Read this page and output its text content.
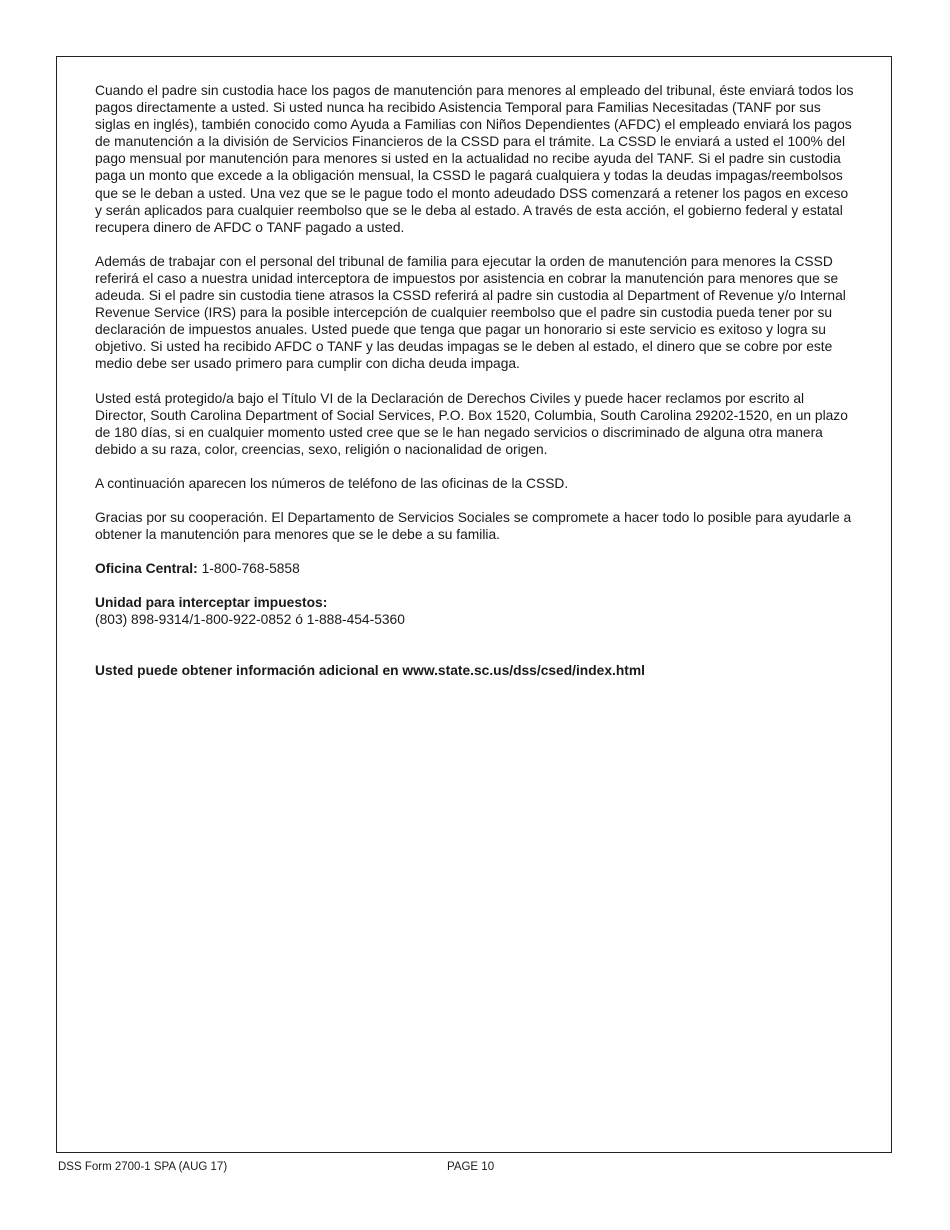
Cuando el padre sin custodia hace los pagos de manutención para menores al empleado del tribunal, éste enviará todos los pagos directamente a usted. Si usted nunca ha recibido Asistencia Temporal para Familias Necesitadas (TANF por sus siglas en inglés), también conocido como Ayuda a Familias con Niños Dependientes (AFDC) el empleado enviará los pagos de manutención a la división de Servicios Financieros de la CSSD para el trámite. La CSSD le enviará a usted el 100% del pago mensual por manutención para menores si usted en la actualidad no recibe ayuda del TANF. Si el padre sin custodia paga un monto que excede a la obligación mensual, la CSSD le pagará cualquiera y todas la deudas impagas/reembolsos que se le deban a usted. Una vez que se le pague todo el monto adeudado DSS comenzará a retener los pagos en exceso y serán aplicados para cualquier reembolso que se le deba al estado. A través de esta acción, el gobierno federal y estatal recupera dinero de AFDC o TANF pagado a usted.

Además de trabajar con el personal del tribunal de familia para ejecutar la orden de manutención para menores la CSSD referirá el caso a nuestra unidad interceptora de impuestos por asistencia en cobrar la manutención para menores que se adeuda. Si el padre sin custodia tiene atrasos la CSSD referirá al padre sin custodia al Department of Revenue y/o Internal Revenue Service (IRS) para la posible intercepción de cualquier reembolso que el padre sin custodia pueda tener por su declaración de impuestos anuales. Usted puede que tenga que pagar un honorario si este servicio es exitoso y logra su objetivo. Si usted ha recibido AFDC o TANF y las deudas impagas se le deben al estado, el dinero que se cobre por este medio debe ser usado primero para cumplir con dicha deuda impaga.

Usted está protegido/a bajo el Título VI de la Declaración de Derechos Civiles y puede hacer reclamos por escrito al Director, South Carolina Department of Social Services, P.O. Box 1520, Columbia, South Carolina 29202-1520, en un plazo de 180 días, si en cualquier momento usted cree que se le han negado servicios o discriminado de alguna otra manera debido a su raza, color, creencias, sexo, religión o nacionalidad de origen.

A continuación aparecen los números de teléfono de las oficinas de la CSSD.

Gracias por su cooperación. El Departamento de Servicios Sociales se compromete a hacer todo lo posible para ayudarle a obtener la manutención para menores que se le debe a su familia.

Oficina Central: 1-800-768-5858

Unidad para interceptar impuestos:
(803) 898-9314/1-800-922-0852 ó 1-888-454-5360

Usted puede obtener información adicional en www.state.sc.us/dss/csed/index.html

DSS Form 2700-1 SPA (AUG 17)	PAGE 10
